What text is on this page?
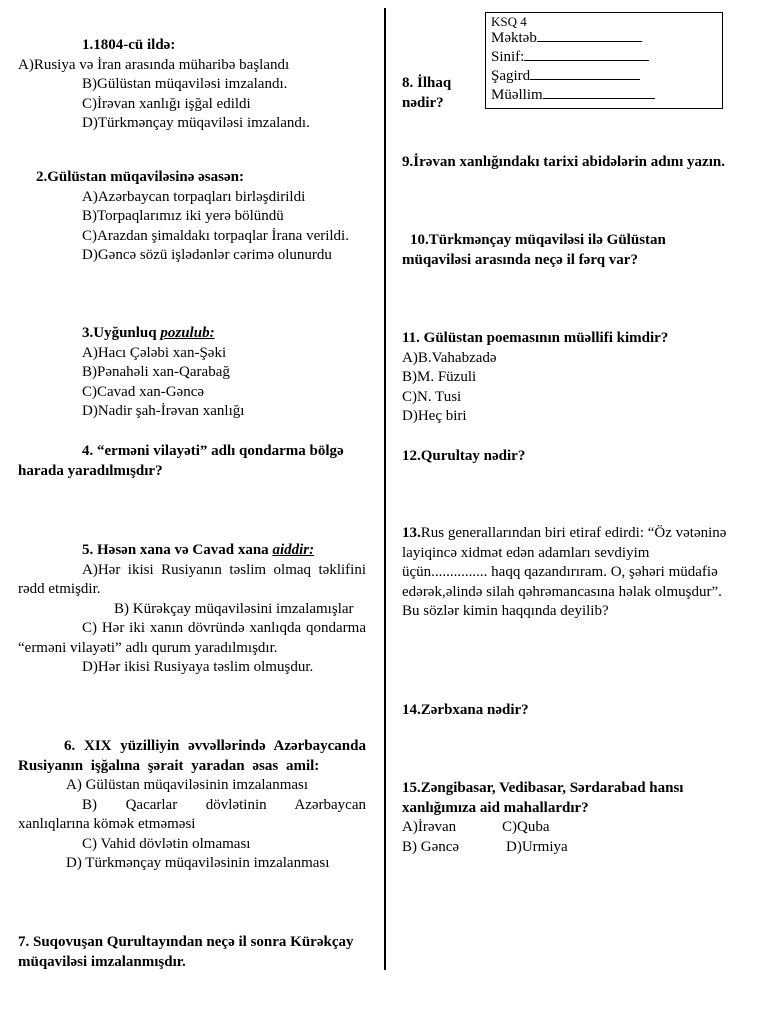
KSQ 4
Məktəb
Sinif:
Şagird
Müəllim

1.1804-cü ildə:

A)Rusiya və İran arasında müharibə başlandı

B)Gülüstan müqaviləsi imzalandı.

C)İrəvan xanlığı işğal edildi

D)Türkmənçay müqaviləsi imzalandı.

2.Gülüstan müqaviləsinə əsasən:

A)Azərbaycan torpaqları birləşdirildi

B)Torpaqlarımız iki yerə bölündü

C)Arazdan şimaldakı torpaqlar İrana verildi.

D)Gəncə sözü işlədənlər cərimə olunurdu

3.Uyğunluq pozulub:

A)Hacı Çələbi xan-Şəki

B)Pənahəli xan-Qarabağ

C)Cavad xan-Gəncə

D)Nadir şah-İrəvan xanlığı

4. “erməni vilayəti” adlı qondarma bölgə harada yaradılmışdır?

5. Həsən xana və Cavad xana aiddir:

A)Hər ikisi Rusiyanın təslim olmaq təklifini rədd etmişdir.

B) Kürəkçay müqaviləsini imzalamışlar

C) Hər iki xanın dövründə xanlıqda qondarma “erməni vilayəti” adlı qurum yaradılmışdır.

D)Hər ikisi Rusiyaya təslim olmuşdur.

6. XIX yüzilliyin əvvəllərində Azərbaycanda Rusiyanın işğalına şərait yaradan əsas amil:

A) Gülüstan müqaviləsinin imzalanması

B) Qacarlar dövlətinin Azərbaycan xanlıqlarına kömək etməməsi

C) Vahid dövlətin olmaması

D) Türkmənçay müqaviləsinin imzalanması

7. Suqovuşan Qurultayından neçə il sonra Kürəkçay müqaviləsi imzalanmışdır.

8. İlhaq nədir?

9.İrəvan xanlığındakı tarixi abidələrin adını yazın.

10.Türkmənçay müqaviləsi ilə Gülüstan müqaviləsi arasında neçə il fərq var?

11. Gülüstan poemasının müəllifi kimdir?

A)B.Vahabzadə

B)M. Füzuli

C)N. Tusi

D)Heç biri

12.Qurultay nədir?

13.Rus generallarından biri etiraf edirdi: “Öz vətəninə layiqincə xidmət edən adamları sevdiyim üçün............... haqq qazandırıram. O, şəhəri müdafiə edərək,əlində silah qəhrəmancasına həlak olmuşdur”. Bu sözlər kimin haqqında deyilib?

14.Zərbxana nədir?

15.Zəngibasar, Vedibasar, Sərdarabad hansı xanlığımıza aid mahallardır?

A)İrəvan	C)Quba

B) Gəncə	D)Urmiya
